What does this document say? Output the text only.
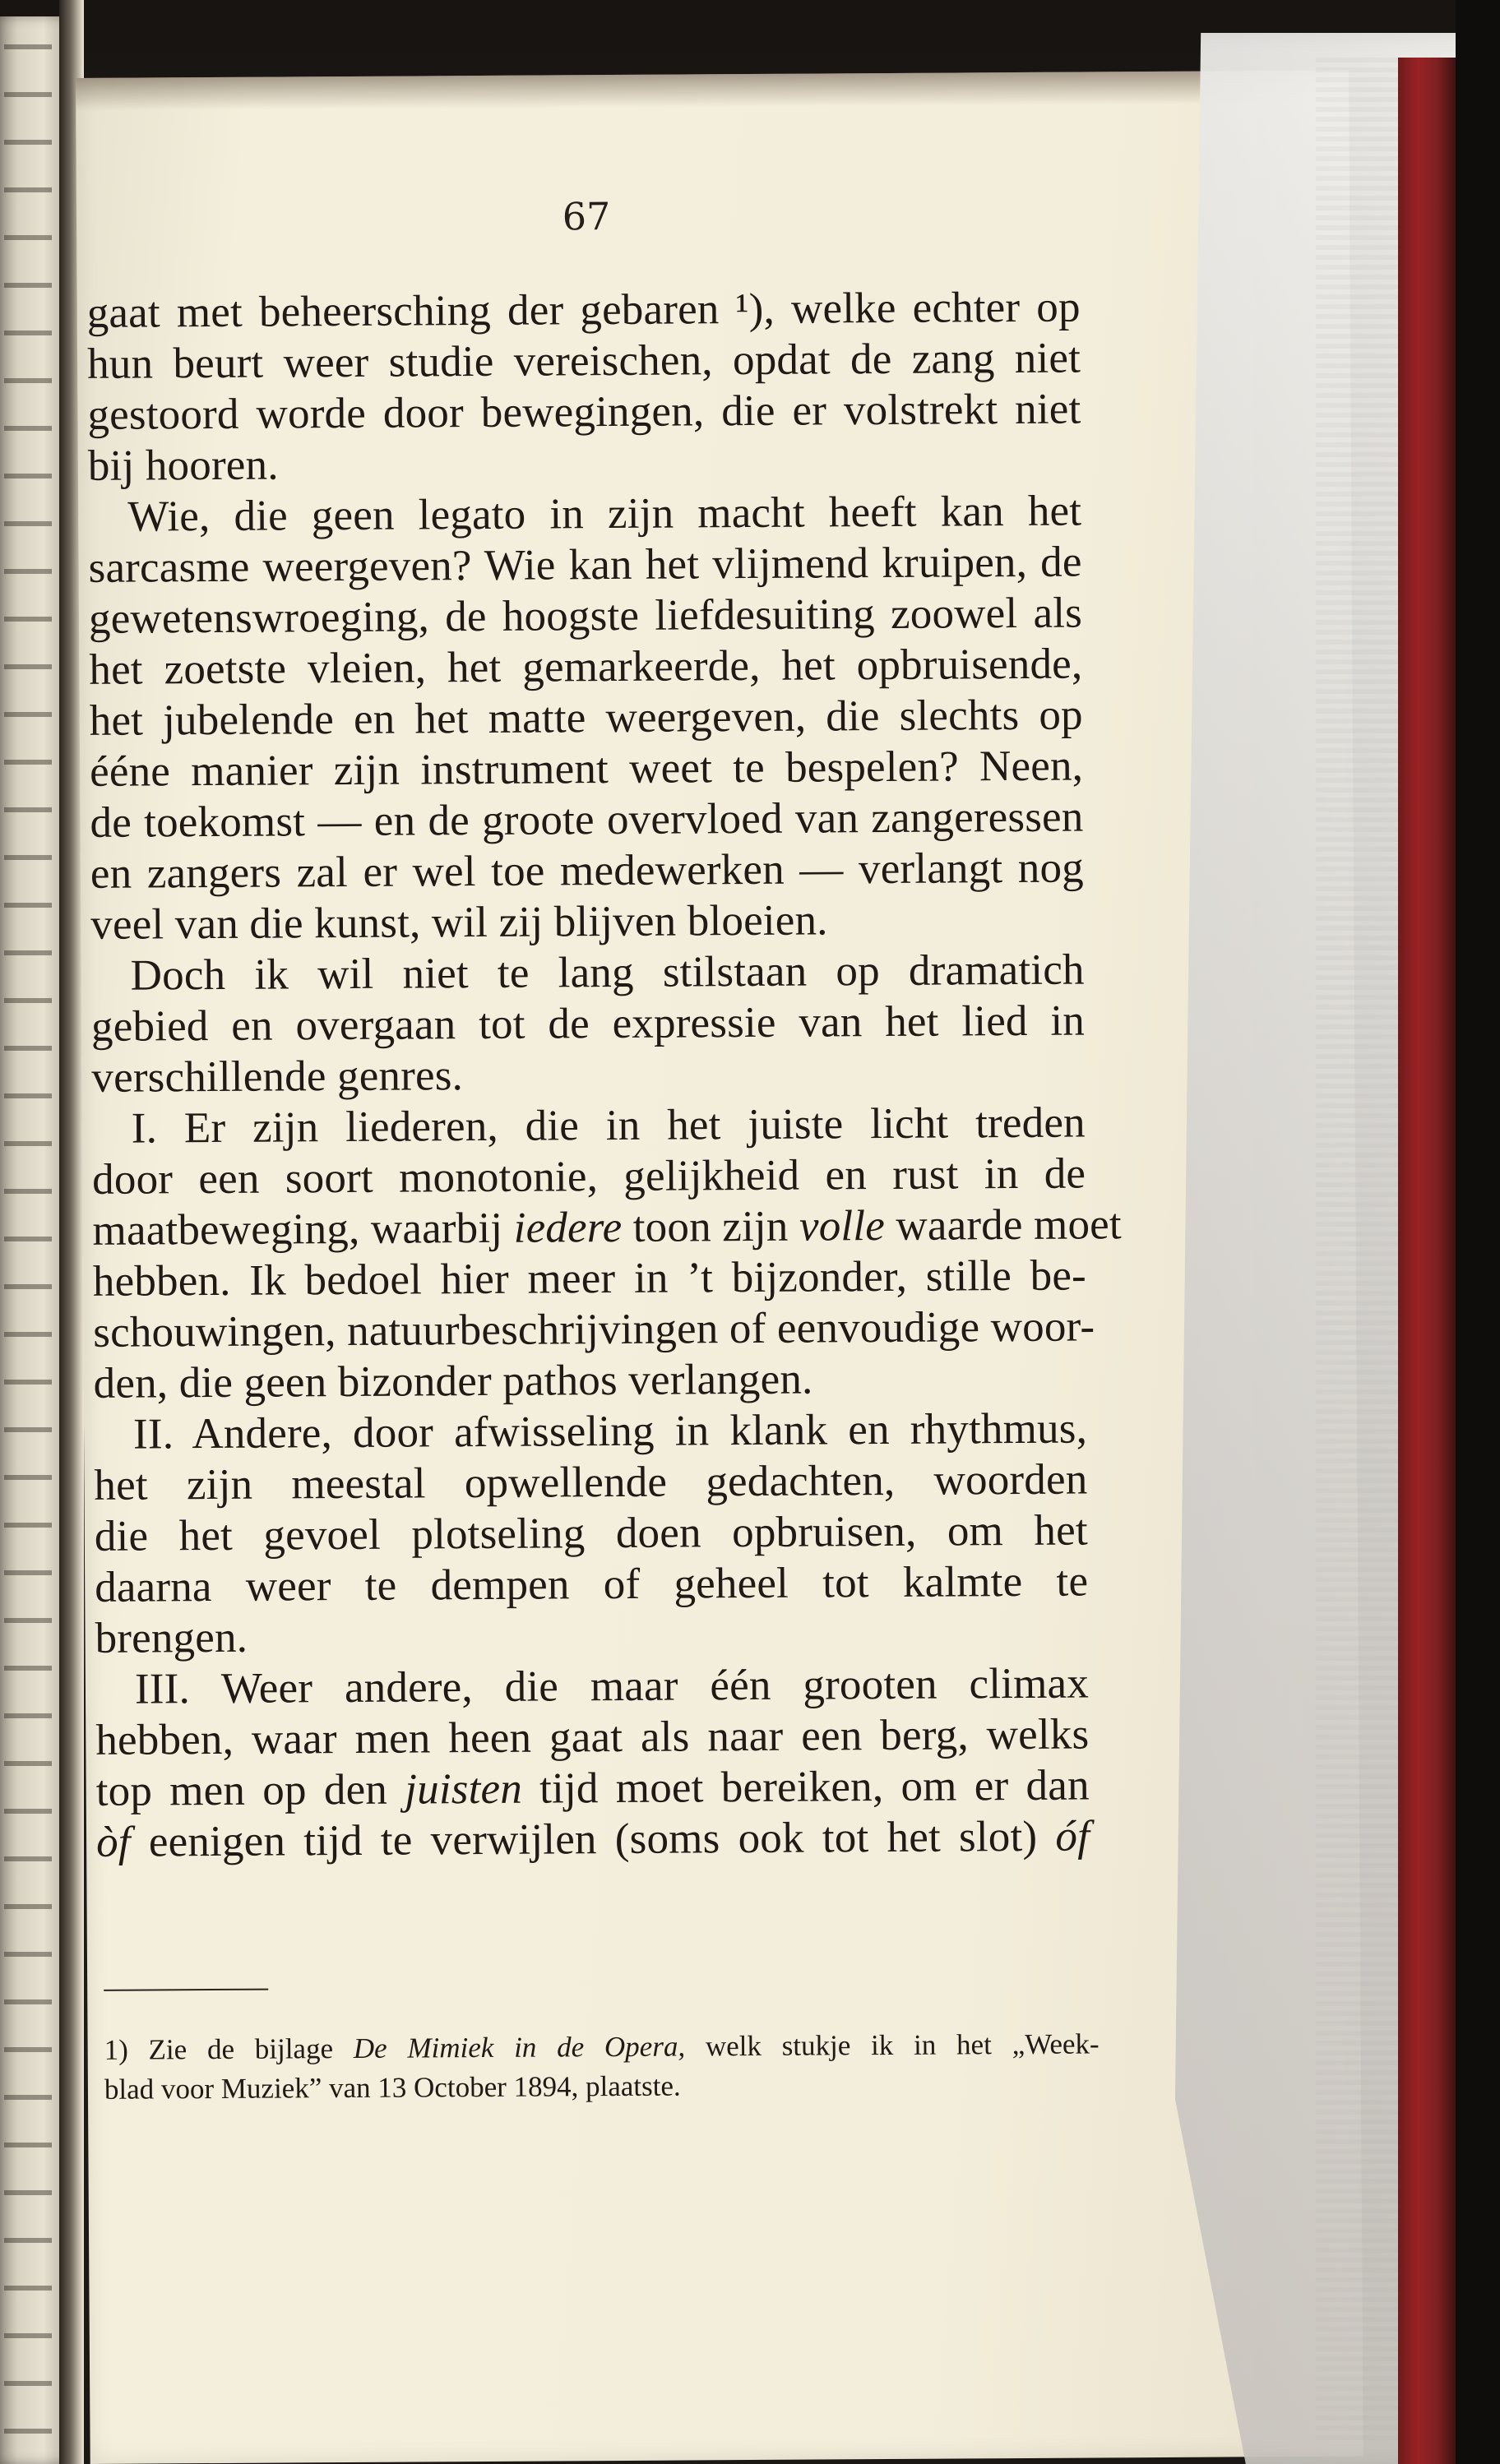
67
gaat met beheersching der gebaren ¹), welke echter op
hun beurt weer studie vereischen, opdat de zang niet
gestoord worde door bewegingen, die er volstrekt niet
bij hooren.
Wie, die geen legato in zijn macht heeft kan het
sarcasme weergeven? Wie kan het vlijmend kruipen, de
gewetenswroeging, de hoogste liefdesuiting zoowel als
het zoetste vleien, het gemarkeerde, het opbruisende,
het jubelende en het matte weergeven, die slechts op
ééne manier zijn instrument weet te bespelen? Neen,
de toekomst — en de groote overvloed van zangeressen
en zangers zal er wel toe medewerken — verlangt nog
veel van die kunst, wil zij blijven bloeien.
Doch ik wil niet te lang stilstaan op dramatich
gebied en overgaan tot de expressie van het lied in
verschillende genres.
I. Er zijn liederen, die in het juiste licht treden
door een soort monotonie, gelijkheid en rust in de
maatbeweging, waarbij iedere toon zijn volle waarde moet
hebben. Ik bedoel hier meer in ’t bijzonder, stille be-
schouwingen, natuurbeschrijvingen of eenvoudige woor-
den, die geen bizonder pathos verlangen.
II. Andere, door afwisseling in klank en rhythmus,
het zijn meestal opwellende gedachten, woorden
die het gevoel plotseling doen opbruisen, om het
daarna weer te dempen of geheel tot kalmte te
brengen.
III. Weer andere, die maar één grooten climax
hebben, waar men heen gaat als naar een berg, welks
top men op den juisten tijd moet bereiken, om er dan
òf eenigen tijd te verwijlen (soms ook tot het slot) óf
1) Zie de bijlage De Mimiek in de Opera, welk stukje ik in het „Week-
blad voor Muziek” van 13 October 1894, plaatste.
